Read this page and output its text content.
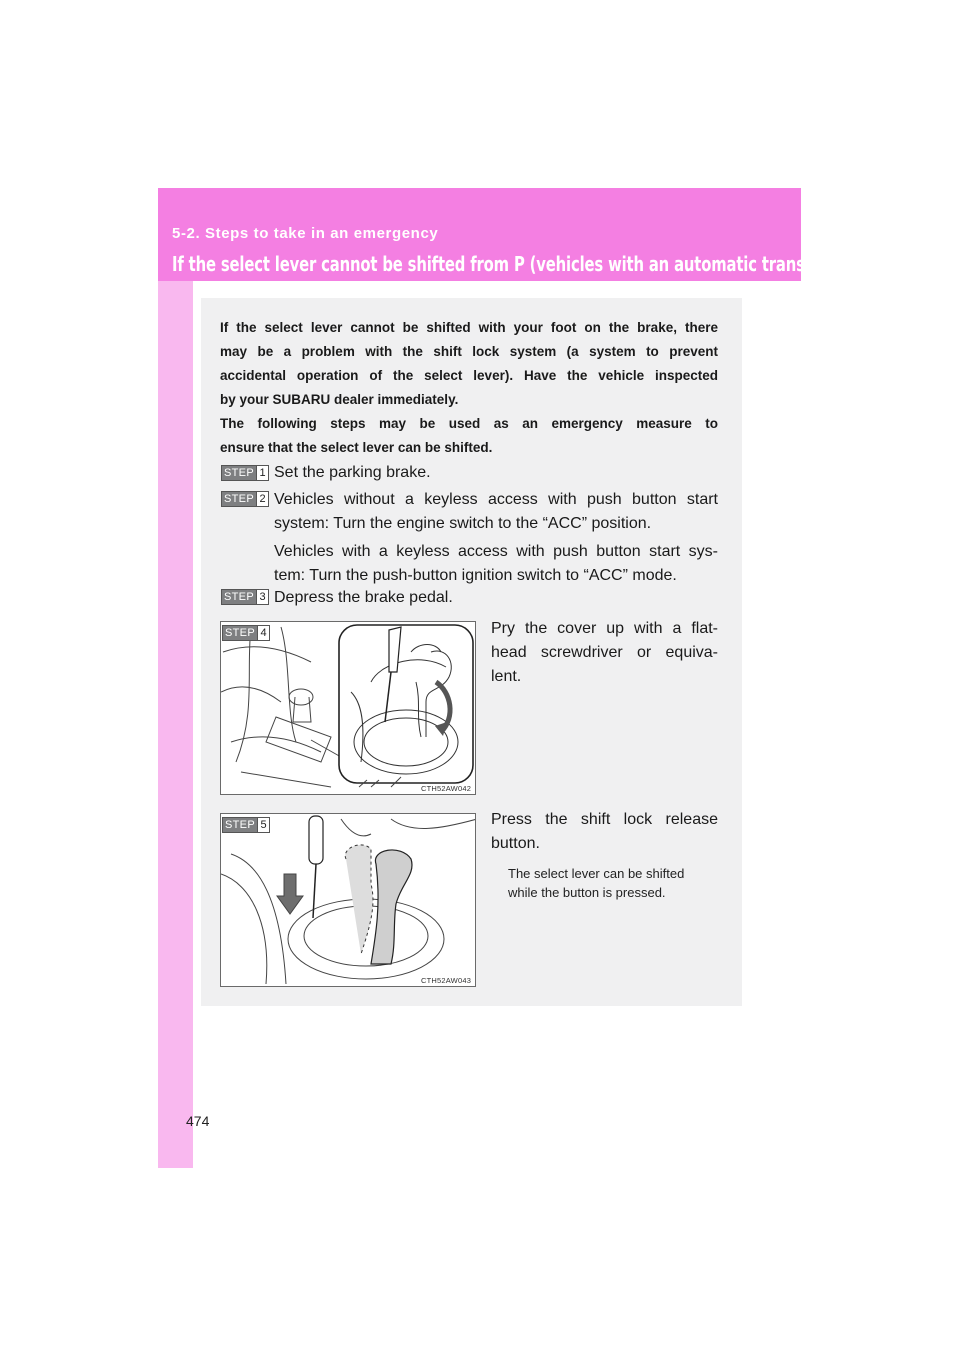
5-2. Steps to take in an emergency
If the select lever cannot be shifted from P (vehicles with an automatic transmission)
If the select lever cannot be shifted with your foot on the brake, there
may be a problem with the shift lock system (a system to prevent
accidental operation of the select lever). Have the vehicle inspected
by your SUBARU dealer immediately.
The following steps may be used as an emergency measure to
ensure that the select lever can be shifted.
STEP 1 Set the parking brake.
STEP 2 Vehicles without a keyless access with push button start
system: Turn the engine switch to the “ACC” position.
Vehicles with a keyless access with push button start sys-
tem: Turn the push-button ignition switch to “ACC” mode.
STEP 3 Depress the brake pedal.
STEP 4
CTH52AW042
Pry the cover up with a flat-
head screwdriver or equiva-
lent.
STEP 5
CTH52AW043
Press the shift lock release
button.
The select lever can be shifted
while the button is pressed.
474
